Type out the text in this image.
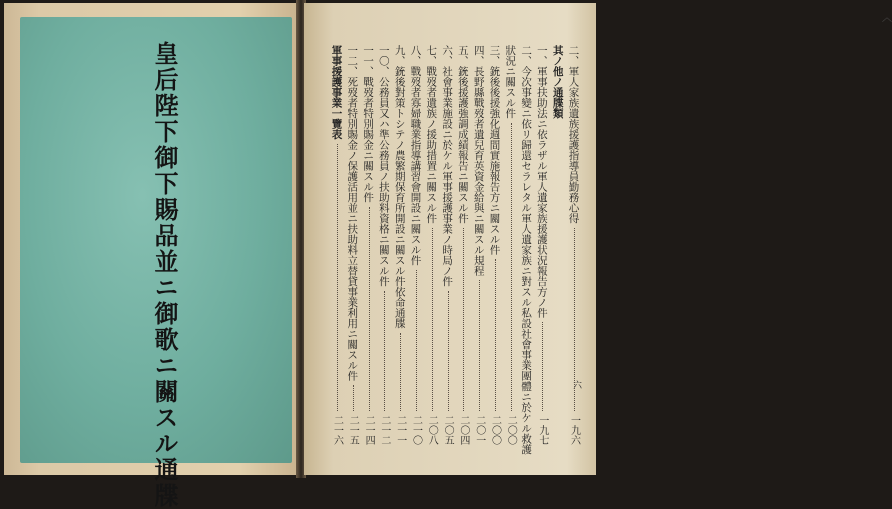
皇后陛下御下賜品並ニ御歌ニ關スル通牒
︿
二、軍人家族遺族援護指導員勤務心得
一九六
其ノ他ノ通牒類
一、軍事扶助法ニ依ラザル軍人遺家族援護状況報告方ノ件
一九七
二、今次事變ニ依リ歸還セラレタル軍人遺家族ニ對スル私設社會事業團體ニ於ケル救護
狀況ニ關スル件
二〇〇
三、銃後後援強化週間實施報告方ニ關スル件
二〇〇
四、長野縣戰歿者遺兒育英資金給與ニ關スル規程
二〇一
五、銃後援護強調成績報告ニ關スル件
二〇四
六、社會事業施設ニ於ケル軍事援護事業ノ時局ノ件
二〇五
七、戰歿者遺族ノ援助措置ニ關スル件
二〇八
八、戰歿者寡婦職業指導講習會開設ニ關スル件
二一〇
九、銃後對策トシテノ農繁期保育所開設ニ關スル件依命通牒
二一一
一〇、公務員又ハ準公務員ノ扶助料資格ニ關スル件
二一二
一一、戰歿者特別賜金ニ關スル件
二一四
一二、死歿者特別賜金ノ保護活用並ニ扶助料立替貸事業利用ニ關スル件
二一五
軍事援護事業一覽表
二一六
六
